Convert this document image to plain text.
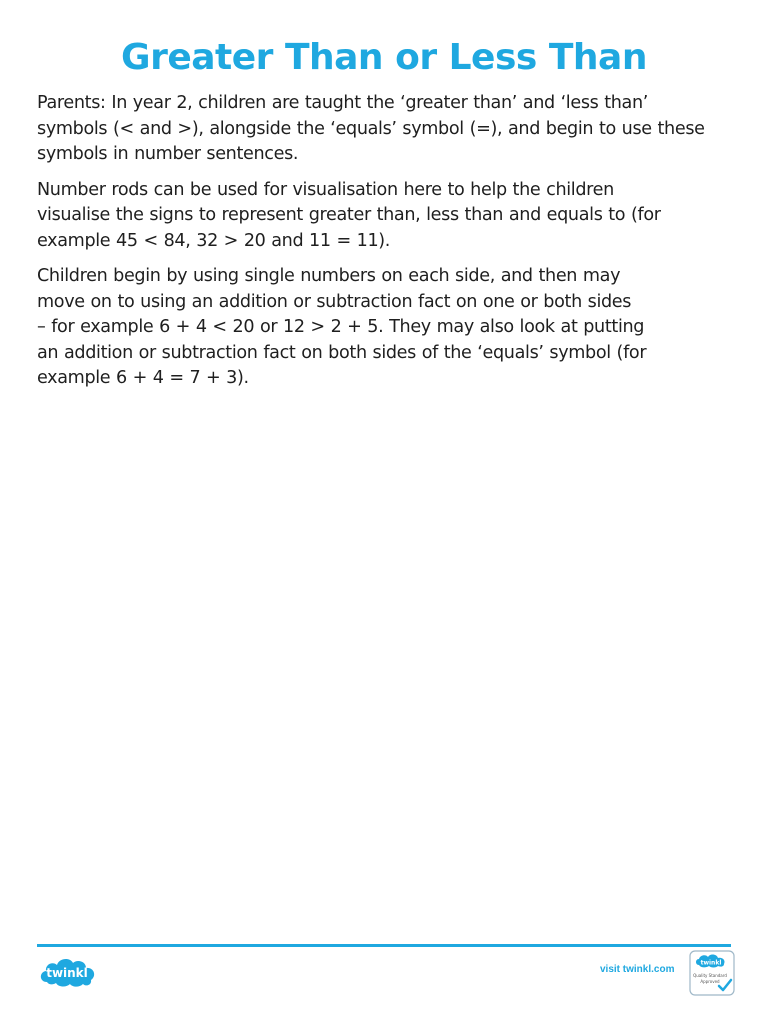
Greater Than or Less Than

Parents: In year 2, children are taught the ‘greater than’ and ‘less than’
symbols (< and >), alongside the ‘equals’ symbol (=), and begin to use these
symbols in number sentences.

Number rods can be used for visualisation here to help the children
visualise the signs to represent greater than, less than and equals to (for
example 45 < 84, 32 > 20 and 11 = 11).

Children begin by using single numbers on each side, and then may
move on to using an addition or subtraction fact on one or both sides
– for example 6 + 4 < 20 or 12 > 2 + 5. They may also look at putting
an addition or subtraction fact on both sides of the ‘equals’ symbol (for
example 6 + 4 = 7 + 3).

twinkl	visit twinkl.com
twinkl
Quality Standard
Approved
